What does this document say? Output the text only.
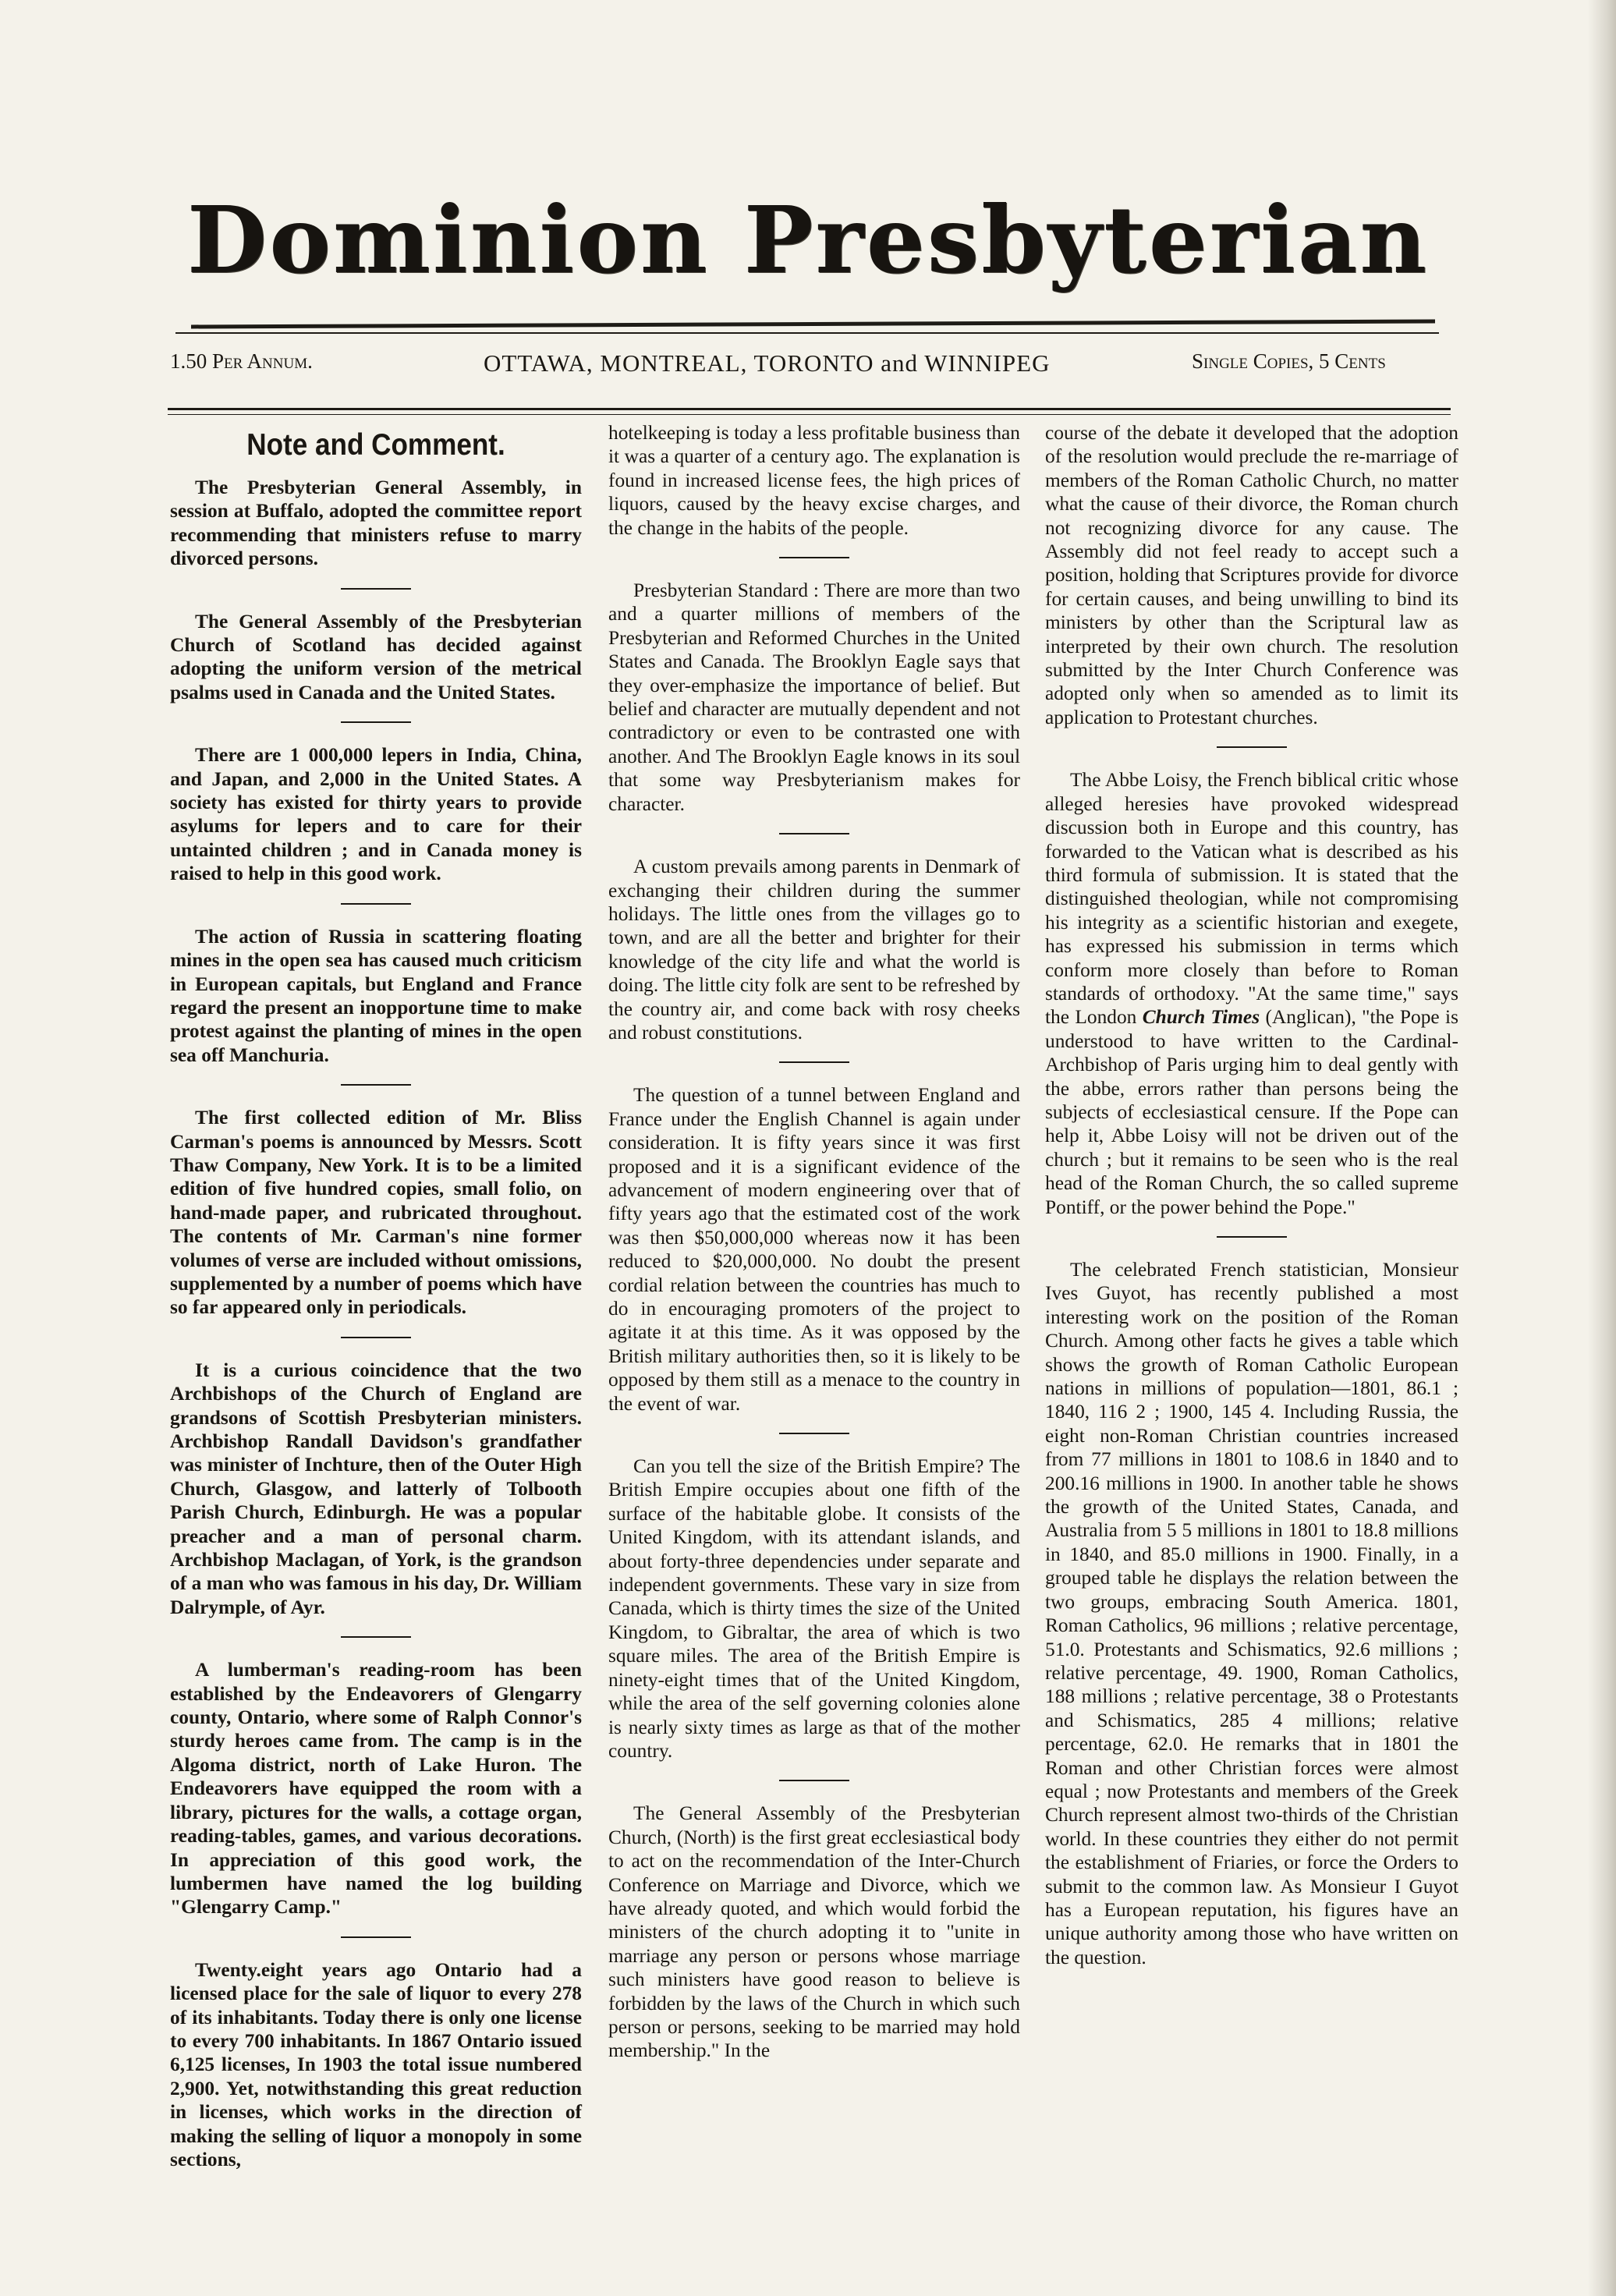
Dominion Presbyterian
1.50 Per Annum.	OTTAWA, MONTREAL, TORONTO and WINNIPEG	Single Copies, 5 Cents
Note and Comment.

The Presbyterian General Assembly, in session at Buffalo, adopted the committee report recommending that ministers refuse to marry divorced persons.

The General Assembly of the Presbyterian Church of Scotland has decided against adopting the uniform version of the metrical psalms used in Canada and the United States.

There are 1 000,000 lepers in India, China, and Japan, and 2,000 in the United States. A society has existed for thirty years to provide asylums for lepers and to care for their untainted children ; and in Canada money is raised to help in this good work.

The action of Russia in scattering floating mines in the open sea has caused much criticism in European capitals, but England and France regard the present an inopportune time to make protest against the planting of mines in the open sea off Manchuria.

The first collected edition of Mr. Bliss Carman's poems is announced by Messrs. Scott Thaw Company, New York. It is to be a limited edition of five hundred copies, small folio, on hand-made paper, and rubricated throughout. The contents of Mr. Carman's nine former volumes of verse are included without omissions, supplemented by a number of poems which have so far appeared only in periodicals.

It is a curious coincidence that the two Archbishops of the Church of England are grandsons of Scottish Presbyterian ministers. Archbishop Randall Davidson's grandfather was minister of Inchture, then of the Outer High Church, Glasgow, and latterly of Tolbooth Parish Church, Edinburgh. He was a popular preacher and a man of personal charm. Archbishop Maclagan, of York, is the grandson of a man who was famous in his day, Dr. William Dalrymple, of Ayr.

A lumberman's reading-room has been established by the Endeavorers of Glengarry county, Ontario, where some of Ralph Connor's sturdy heroes came from. The camp is in the Algoma district, north of Lake Huron. The Endeavorers have equipped the room with a library, pictures for the walls, a cottage organ, reading-tables, games, and various decorations. In appreciation of this good work, the lumbermen have named the log building "Glengarry Camp."

Twenty.eight years ago Ontario had a licensed place for the sale of liquor to every 278 of its inhabitants. Today there is only one license to every 700 inhabitants. In 1867 Ontario issued 6,125 licenses, In 1903 the total issue numbered 2,900. Yet, notwithstanding this great reduction in licenses, which works in the direction of making the selling of liquor a monopoly in some sections,

hotelkeeping is today a less profitable business than it was a quarter of a century ago. The explanation is found in increased license fees, the high prices of liquors, caused by the heavy excise charges, and the change in the habits of the people.

Presbyterian Standard : There are more than two and a quarter millions of members of the Presbyterian and Reformed Churches in the United States and Canada. The Brooklyn Eagle says that they over-emphasize the importance of belief. But belief and character are mutually dependent and not contradictory or even to be contrasted one with another. And The Brooklyn Eagle knows in its soul that some way Presbyterianism makes for character.

A custom prevails among parents in Denmark of exchanging their children during the summer holidays. The little ones from the villages go to town, and are all the better and brighter for their knowledge of the city life and what the world is doing. The little city folk are sent to be refreshed by the country air, and come back with rosy cheeks and robust constitutions.

The question of a tunnel between England and France under the English Channel is again under consideration. It is fifty years since it was first proposed and it is a significant evidence of the advancement of modern engineering over that of fifty years ago that the estimated cost of the work was then $50,000,000 whereas now it has been reduced to $20,000,000. No doubt the present cordial relation between the countries has much to do in encouraging promoters of the project to agitate it at this time. As it was opposed by the British military authorities then, so it is likely to be opposed by them still as a menace to the country in the event of war.

Can you tell the size of the British Empire? The British Empire occupies about one fifth of the surface of the habitable globe. It consists of the United Kingdom, with its attendant islands, and about forty-three dependencies under separate and independent governments. These vary in size from Canada, which is thirty times the size of the United Kingdom, to Gibraltar, the area of which is two square miles. The area of the British Empire is ninety-eight times that of the United Kingdom, while the area of the self governing colonies alone is nearly sixty times as large as that of the mother country.

The General Assembly of the Presbyterian Church, (North) is the first great ecclesiastical body to act on the recommendation of the Inter-Church Conference on Marriage and Divorce, which we have already quoted, and which would forbid the ministers of the church adopting it to "unite in marriage any person or persons whose marriage such ministers have good reason to believe is forbidden by the laws of the Church in which such person or persons, seeking to be married may hold membership." In the

course of the debate it developed that the adoption of the resolution would preclude the re-marriage of members of the Roman Catholic Church, no matter what the cause of their divorce, the Roman church not recognizing divorce for any cause. The Assembly did not feel ready to accept such a position, holding that Scriptures provide for divorce for certain causes, and being unwilling to bind its ministers by other than the Scriptural law as interpreted by their own church. The resolution submitted by the Inter Church Conference was adopted only when so amended as to limit its application to Protestant churches.

The Abbe Loisy, the French biblical critic whose alleged heresies have provoked widespread discussion both in Europe and this country, has forwarded to the Vatican what is described as his third formula of submission. It is stated that the distinguished theologian, while not compromising his integrity as a scientific historian and exegete, has expressed his submission in terms which conform more closely than before to Roman standards of orthodoxy. "At the same time," says the London Church Times (Anglican), "the Pope is understood to have written to the Cardinal-Archbishop of Paris urging him to deal gently with the abbe, errors rather than persons being the subjects of ecclesiastical censure. If the Pope can help it, Abbe Loisy will not be driven out of the church ; but it remains to be seen who is the real head of the Roman Church, the so called supreme Pontiff, or the power behind the Pope."

The celebrated French statistician, Monsieur Ives Guyot, has recently published a most interesting work on the position of the Roman Church. Among other facts he gives a table which shows the growth of Roman Catholic European nations in millions of population—1801, 86.1 ; 1840, 116 2 ; 1900, 145 4. Including Russia, the eight non-Roman Christian countries increased from 77 millions in 1801 to 108.6 in 1840 and to 200.16 millions in 1900. In another table he shows the growth of the United States, Canada, and Australia from 5 5 millions in 1801 to 18.8 millions in 1840, and 85.0 millions in 1900. Finally, in a grouped table he displays the relation between the two groups, embracing South America. 1801, Roman Catholics, 96 millions ; relative percentage, 51.0. Protestants and Schismatics, 92.6 millions ; relative percentage, 49. 1900, Roman Catholics, 188 millions ; relative percentage, 38 o Protestants and Schismatics, 285 4 millions; relative percentage, 62.0. He remarks that in 1801 the Roman and other Christian forces were almost equal ; now Protestants and members of the Greek Church represent almost two-thirds of the Christian world. In these countries they either do not permit the establishment of Friaries, or force the Orders to submit to the common law. As Monsieur I Guyot has a European reputation, his figures have an unique authority among those who have written on the question.
